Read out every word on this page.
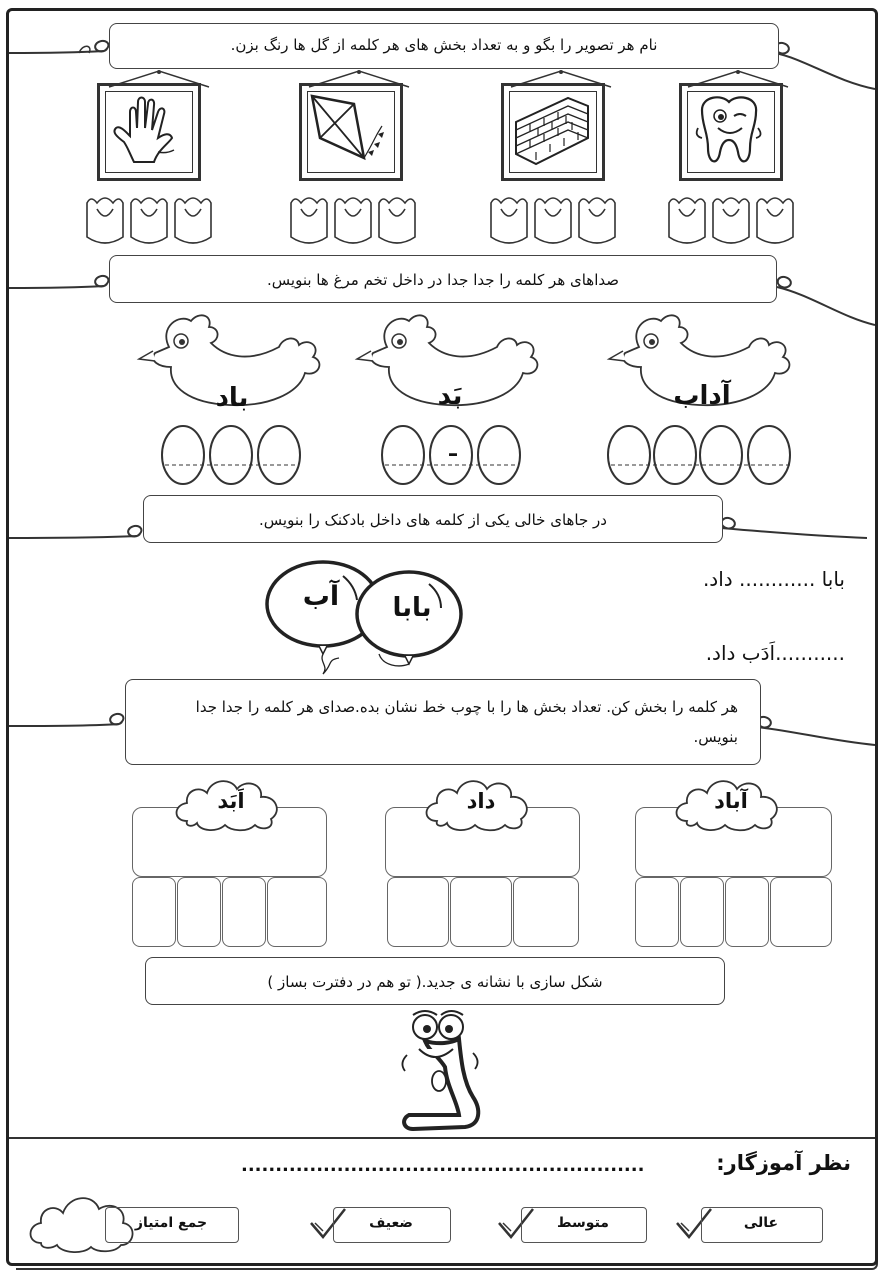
نام هر تصویر را بگو و به تعداد بخش های هر کلمه از گل ها رنگ بزن.
صداهای هر کلمه را جدا جدا در داخل تخم مرغ ها بنویس.
باد	بَد	آداب
ـ
در جاهای خالی یکی از کلمه های داخل بادکنک را بنویس.
آب	بابا
بابا ............ داد.
...........اَدَب داد.
هر کلمه را بخش کن. تعداد بخش ها را با چوب خط نشان بده.صدای هر کلمه را جدا جدا بنویس.
اَبَد	داد	آباد
شکل سازی با نشانه ی جدید.( تو هم در دفترت بساز )
نظر آموزگار:
...........................................................
عالی
متوسط
ضعیف
جمع امتیاز
